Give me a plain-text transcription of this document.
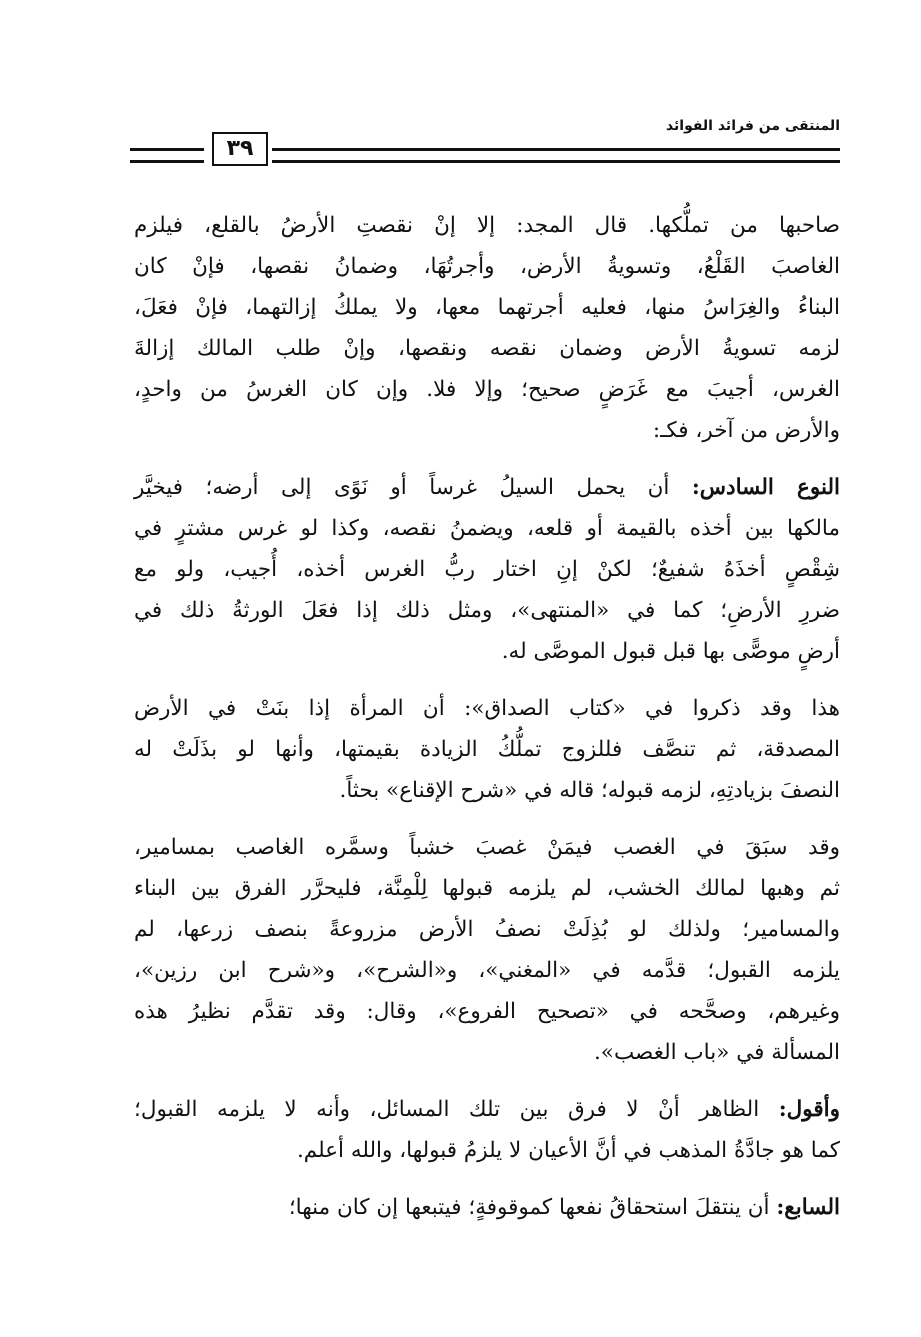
المنتقى من فرائد الفوائد
٣٩
صاحبها من تملُّكها. قال المجد: إلا إنْ نقصتِ الأرضُ بالقلع، فيلزم
الغاصبَ القَلْعُ، وتسويةُ الأرض، وأجرتُهَا، وضمانُ نقصها، فإنْ كان
البناءُ والغِرَاسُ منها، فعليه أجرتهما معها، ولا يملكُ إزالتهما، فإنْ فعَلَ،
لزمه تسويةُ الأرض وضمان نقصه ونقصها، وإنْ طلب المالك إزالةَ
الغرس، أجيبَ مع غَرَضٍ صحيح؛ وإلا فلا. وإن كان الغرسُ من واحدٍ،
والأرض من آخر، فكـ:
النوع السادس: أن يحمل السيلُ غرساً أو نَوًى إلى أرضه؛ فيخيَّر
مالكها بين أخذه بالقيمة أو قلعه، ويضمنُ نقصه، وكذا لو غرس مشترٍ في
شِقْصٍ أخذَهُ شفيعٌ؛ لكنْ إنِ اختار ربُّ الغرس أخذه، أُجيب، ولو مع
ضررِ الأرضِ؛ كما في «المنتهى»، ومثل ذلك إذا فعَلَ الورثةُ ذلك في
أرضٍ موصًّى بها قبل قبول الموصَّى له.
هذا وقد ذكروا في «كتاب الصداق»: أن المرأة إذا بنَتْ في الأرض
المصدقة، ثم تنصَّف فللزوج تملُّكُ الزيادة بقيمتها، وأنها لو بذَلَتْ له
النصفَ بزيادتِهِ، لزمه قبوله؛ قاله في «شرح الإقناع» بحثاً.
وقد سبَقَ في الغصب فيمَنْ غصبَ خشباً وسمَّره الغاصب بمسامير،
ثم وهبها لمالك الخشب، لم يلزمه قبولها لِلْمِنَّة، فليحرَّر الفرق بين البناء
والمسامير؛ ولذلك لو بُذِلَتْ نصفُ الأرض مزروعةً بنصف زرعها، لم
يلزمه القبول؛ قدَّمه في «المغني»، و«الشرح»، و«شرح ابن رزين»،
وغيرهم، وصحَّحه في «تصحيح الفروع»، وقال: وقد تقدَّم نظيرُ هذه
المسألة في «باب الغصب».
وأقول: الظاهر أنْ لا فرق بين تلك المسائل، وأنه لا يلزمه القبول؛
كما هو جادَّةُ المذهب في أنَّ الأعيان لا يلزمُ قبولها، والله أعلم.
السابع: أن ينتقلَ استحقاقُ نفعها كموقوفةٍ؛ فيتبعها إن كان منها؛
